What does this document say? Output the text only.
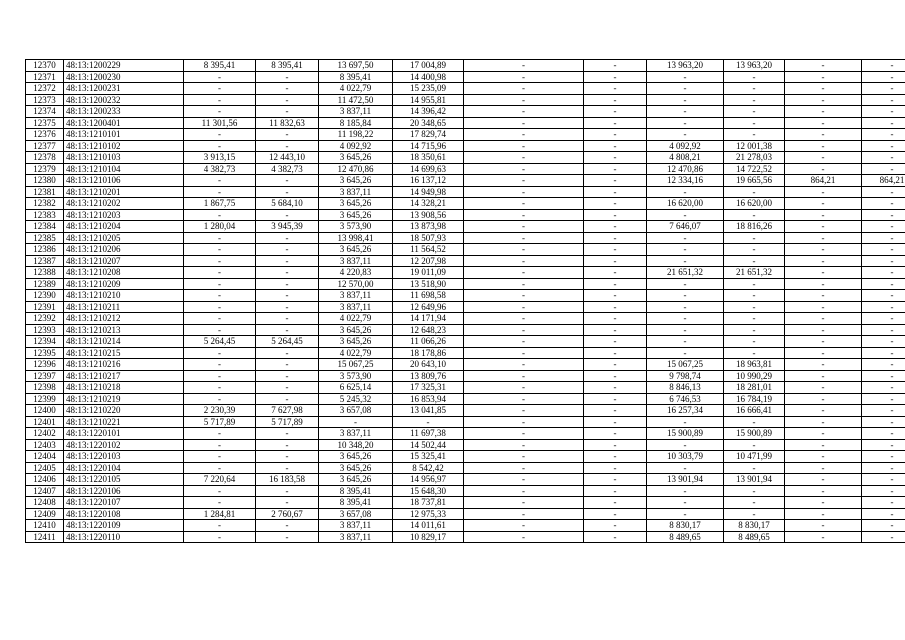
12370	48:13:1200229	8 395,41	8 395,41	13 697,50	17 004,89	-	-	13 963,20	13 963,20	-	-
12371	48:13:1200230	-	-	8 395,41	14 400,98	-	-	-	-	-	-
12372	48:13:1200231	-	-	4 022,79	15 235,09	-	-	-	-	-	-
12373	48:13:1200232	-	-	11 472,50	14 955,81	-	-	-	-	-	-
12374	48:13:1200233	-	-	3 837,11	14 396,42	-	-	-	-	-	-
12375	48:13:1200401	11 301,56	11 832,63	8 185,84	20 348,65	-	-	-	-	-	-
12376	48:13:1210101	-	-	11 198,22	17 829,74	-	-	-	-	-	-
12377	48:13:1210102	-	-	4 092,92	14 715,96	-	-	4 092,92	12 001,38	-	-
12378	48:13:1210103	3 913,15	12 443,10	3 645,26	18 350,61	-	-	4 808,21	21 278,03	-	-
12379	48:13:1210104	4 382,73	4 382,73	12 470,86	14 699,63	-	-	12 470,86	14 722,52	-	-
12380	48:13:1210106	-	-	3 645,26	16 137,12	-	-	12 334,16	19 665,56	864,21	864,21
12381	48:13:1210201	-	-	3 837,11	14 949,98	-	-	-	-	-	-
12382	48:13:1210202	1 867,75	5 684,10	3 645,26	14 328,21	-	-	16 620,00	16 620,00	-	-
12383	48:13:1210203	-	-	3 645,26	13 908,56	-	-	-	-	-	-
12384	48:13:1210204	1 280,04	3 945,39	3 573,90	13 873,98	-	-	7 646,07	18 816,26	-	-
12385	48:13:1210205	-	-	13 998,41	18 507,93	-	-	-	-	-	-
12386	48:13:1210206	-	-	3 645,26	11 564,52	-	-	-	-	-	-
12387	48:13:1210207	-	-	3 837,11	12 207,98	-	-	-	-	-	-
12388	48:13:1210208	-	-	4 220,83	19 011,09	-	-	21 651,32	21 651,32	-	-
12389	48:13:1210209	-	-	12 570,00	13 518,90	-	-	-	-	-	-
12390	48:13:1210210	-	-	3 837,11	11 698,58	-	-	-	-	-	-
12391	48:13:1210211	-	-	3 837,11	12 649,96	-	-	-	-	-	-
12392	48:13:1210212	-	-	4 022,79	14 171,94	-	-	-	-	-	-
12393	48:13:1210213	-	-	3 645,26	12 648,23	-	-	-	-	-	-
12394	48:13:1210214	5 264,45	5 264,45	3 645,26	11 066,26	-	-	-	-	-	-
12395	48:13:1210215	-	-	4 022,79	18 178,86	-	-	-	-	-	-
12396	48:13:1210216	-	-	15 067,25	20 643,10	-	-	15 067,25	18 963,81	-	-
12397	48:13:1210217	-	-	3 573,90	13 809,76	-	-	9 798,74	10 990,29	-	-
12398	48:13:1210218	-	-	6 625,14	17 325,31	-	-	8 846,13	18 281,01	-	-
12399	48:13:1210219	-	-	5 245,32	16 853,94	-	-	6 746,53	16 784,19	-	-
12400	48:13:1210220	2 230,39	7 627,98	3 657,08	13 041,85	-	-	16 257,34	16 666,41	-	-
12401	48:13:1210221	5 717,89	5 717,89	-	-	-	-	-	-	-	-
12402	48:13:1220101	-	-	3 837,11	11 697,38	-	-	15 900,89	15 900,89	-	-
12403	48:13:1220102	-	-	10 348,20	14 502,44	-	-	-	-	-	-
12404	48:13:1220103	-	-	3 645,26	15 325,41	-	-	10 303,79	10 471,99	-	-
12405	48:13:1220104	-	-	3 645,26	8 542,42	-	-	-	-	-	-
12406	48:13:1220105	7 220,64	16 183,58	3 645,26	14 956,97	-	-	13 901,94	13 901,94	-	-
12407	48:13:1220106	-	-	8 395,41	15 648,30	-	-	-	-	-	-
12408	48:13:1220107	-	-	8 395,41	18 737,81	-	-	-	-	-	-
12409	48:13:1220108	1 284,81	2 760,67	3 657,08	12 975,33	-	-	-	-	-	-
12410	48:13:1220109	-	-	3 837,11	14 011,61	-	-	8 830,17	8 830,17	-	-
12411	48:13:1220110	-	-	3 837,11	10 829,17	-	-	8 489,65	8 489,65	-	-
